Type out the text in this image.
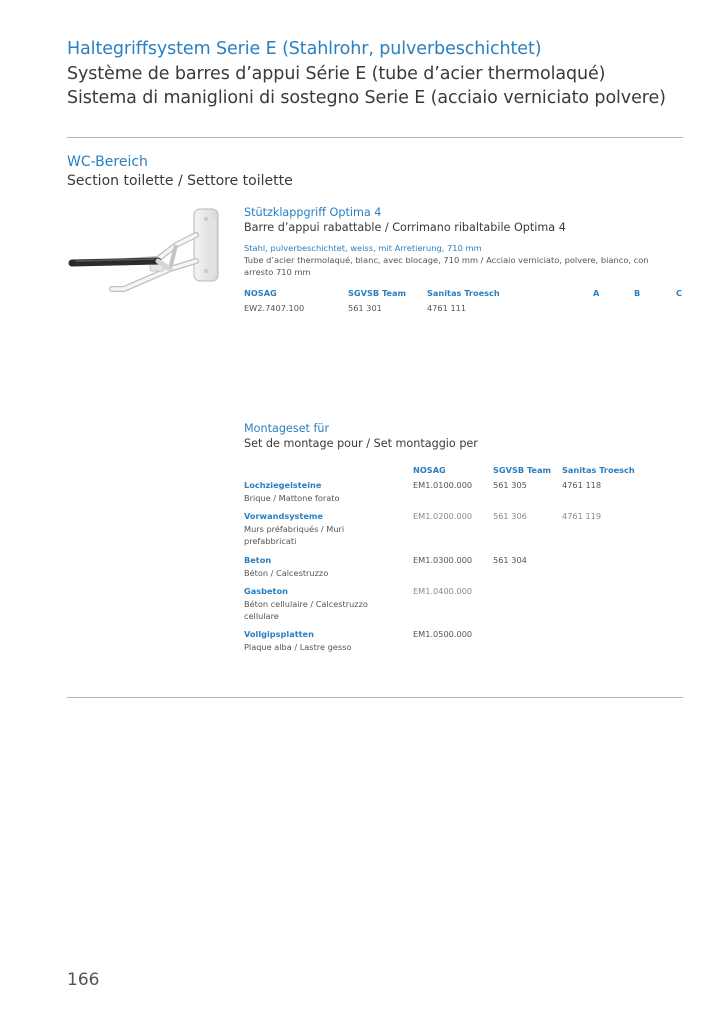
Haltegriffsystem Serie E (Stahlrohr, pulverbeschichtet)
Système de barres d’appui Série E (tube d’acier thermolaqué)
Sistema di maniglioni di sostegno Serie E (acciaio verniciato polvere)
WC-Bereich
Section toilette / Settore toilette
Stützklappgriff Optima 4
Barre d’appui rabattable / Corrimano ribaltabile Optima 4
Stahl, pulverbeschichtet, weiss, mit Arretierung, 710 mm
Tube d’acier thermolaqué, blanc, avec blocage, 710 mm / Acciaio verniciato, polvere, bianco, con
arresto 710 mm
NOSAG	SGVSB Team	Sanitas Troesch	A	B	C
EW2.7407.100	561 301	4761 111
Montageset für
Set de montage pour / Set montaggio per
NOSAG	SGVSB Team Sanitas Troesch
Lochziegelsteine
Brique / Mattone forato
EM1.0100.000	561 305	4761 118
Vorwandsysteme
Murs préfabriqués / Muri
prefabbricati
EM1.0200.000	561 306	4761 119
Beton
Béton / Calcestruzzo
EM1.0300.000	561 304
Gasbeton
Béton cellulaire / Calcestruzzo
cellulare
EM1.0400.000
Vollgipsplatten
Plaque alba / Lastre gesso
EM1.0500.000
166
